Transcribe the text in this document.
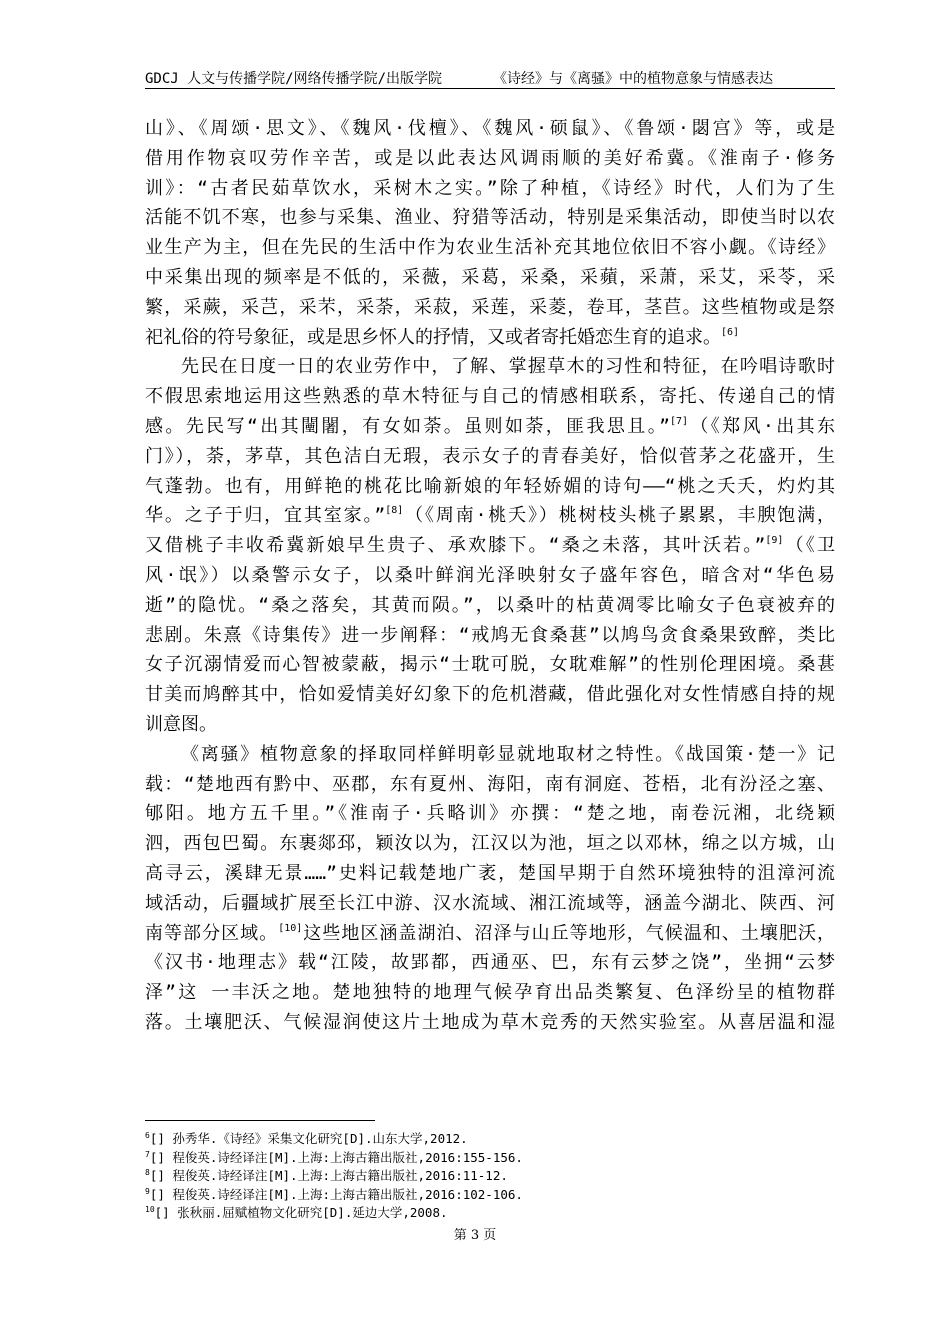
GDCJ 人文与传播学院/网络传播学院/出版学院	《诗经》与《离骚》中的植物意象与情感表达
山》、《周颂·思文》、《魏风·伐檀》、《魏风·硕鼠》、《鲁颂·閟宫》等，或是
借用作物哀叹劳作辛苦，或是以此表达风调雨顺的美好希冀。《淮南子·修务
训》：“古者民茹草饮水，采树木之实。”除了种植，《诗经》时代，人们为了生
活能不饥不寒，也参与采集、渔业、狩猎等活动，特别是采集活动，即使当时以农
业生产为主，但在先民的生活中作为农业生活补充其地位依旧不容小觑。《诗经》
中采集出现的频率是不低的，采薇，采葛，采桑，采蘋，采萧，采艾，采苓，采
繁，采蕨，采芑，采芣，采荼，采菽，采莲，采菱，卷耳，茎苣。这些植物或是祭
祀礼俗的符号象征，或是思乡怀人的抒情，又或者寄托婚恋生育的追求。[6]
先民在日度一日的农业劳作中，了解、掌握草木的习性和特征，在吟唱诗歌时
不假思索地运用这些熟悉的草木特征与自己的情感相联系，寄托、传递自己的情
感。先民写“出其闉闍，有女如荼。虽则如荼，匪我思且。”[7]（《郑风·出其东
门》），荼，茅草，其色洁白无瑕，表示女子的青春美好，恰似菅茅之花盛开，生
气蓬勃。也有，用鲜艳的桃花比喻新娘的年轻娇媚的诗句——“桃之夭夭，灼灼其
华。之子于归，宜其室家。”[8]（《周南·桃夭》）桃树枝头桃子累累，丰腴饱满，
又借桃子丰收希冀新娘早生贵子、承欢膝下。“桑之未落，其叶沃若。”[9]（《卫
风·氓》）以桑警示女子，以桑叶鲜润光泽映射女子盛年容色，暗含对“华色易
逝”的隐忧。“桑之落矣，其黄而陨。”，以桑叶的枯黄凋零比喻女子色衰被弃的
悲剧。朱熹《诗集传》进一步阐释：“戒鸠无食桑葚”以鸠鸟贪食桑果致醉，类比
女子沉溺情爱而心智被蒙蔽，揭示“士耽可脱，女耽难解”的性别伦理困境。桑葚
甘美而鸠醉其中，恰如爱情美好幻象下的危机潜藏，借此强化对女性情感自持的规
训意图。
《离骚》植物意象的择取同样鲜明彰显就地取材之特性。《战国策·楚一》记
载：“楚地西有黔中、巫郡，东有夏州、海阳，南有洞庭、苍梧，北有汾泾之塞、
郇阳。地方五千里。”《淮南子·兵略训》亦撰：“楚之地，南卷沅湘，北绕颖
泗，西包巴蜀。东裹郯邳，颖汝以为，江汉以为池，垣之以邓林，绵之以方城，山
高寻云，溪肆无景……”史料记载楚地广袤，楚国早期于自然环境独特的沮漳河流
域活动，后疆域扩展至长江中游、汉水流域、湘江流域等，涵盖今湖北、陕西、河
南等部分区域。[10]这些地区涵盖湖泊、沼泽与山丘等地形，气候温和、土壤肥沃，
《汉书·地理志》载“江陵，故郢都，西通巫、巴，东有云梦之饶”，坐拥“云梦
泽”这 一丰沃之地。楚地独特的地理气候孕育出品类繁复、色泽纷呈的植物群
落。土壤肥沃、气候湿润使这片土地成为草木竞秀的天然实验室。从喜居温和湿
$^6$[] 孙秀华.《诗经》采集文化研究[D].山东大学,2012.
$^7$[] 程俊英.诗经译注[M].上海:上海古籍出版社,2016:155-156.
$^8$[] 程俊英.诗经译注[M].上海:上海古籍出版社,2016:11-12.
$^9$[] 程俊英.诗经译注[M].上海:上海古籍出版社,2016:102-106.
$^{10}$[] 张秋丽.屈赋植物文化研究[D].延边大学,2008.
第 3 页
